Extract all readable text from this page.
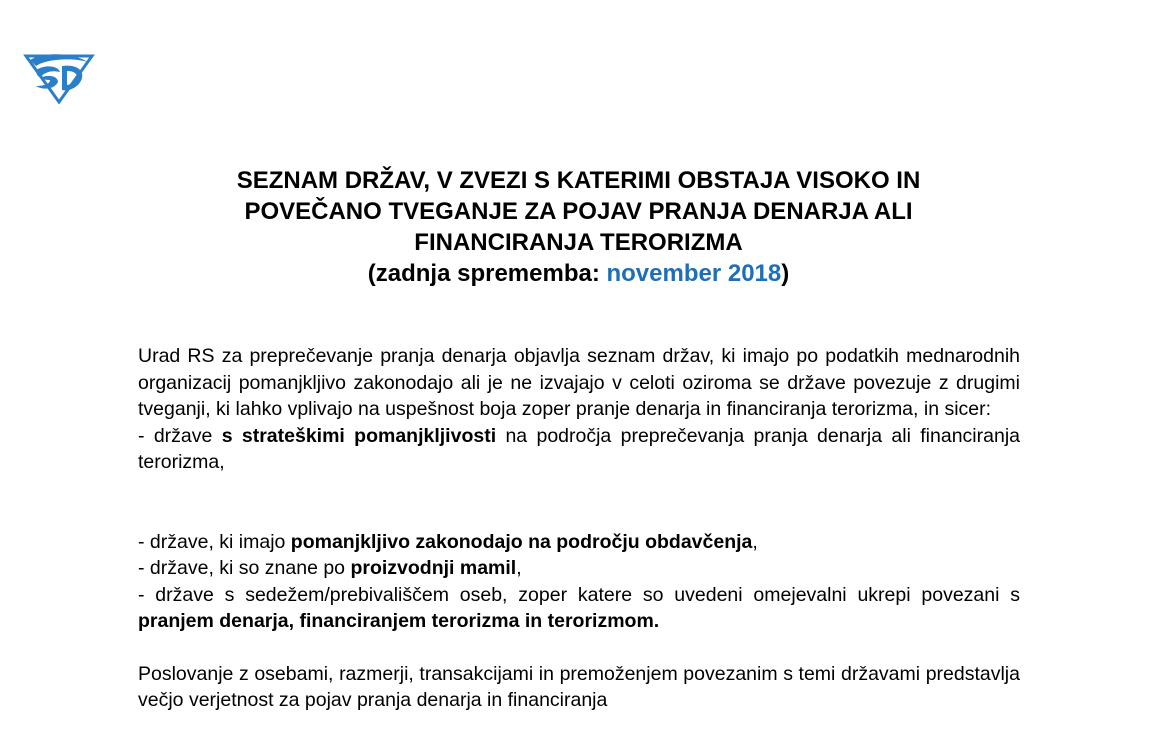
SEZNAM DRŽAV, V ZVEZI S KATERIMI OBSTAJA VISOKO IN
POVEČANO TVEGANJE ZA POJAV PRANJA DENARJA ALI
FINANCIRANJA TERORIZMA
(zadnja sprememba: november 2018)

Urad RS za preprečevanje pranja denarja objavlja seznam držav, ki imajo po podatkih mednarodnih organizacij pomanjkljivo zakonodajo ali je ne izvajajo v celoti oziroma se države povezuje z drugimi tveganji, ki lahko vplivajo na uspešnost boja zoper pranje denarja in financiranja terorizma, in sicer:

- države s strateškimi pomanjkljivosti na področja preprečevanja pranja denarja ali financiranja terorizma,

- države, ki imajo pomanjkljivo zakonodajo na področju obdavčenja,

- države, ki so znane po proizvodnji mamil,

- države s sedežem/prebivališčem oseb, zoper katere so uvedeni omejevalni ukrepi povezani s pranjem denarja, financiranjem terorizma in terorizmom.

Poslovanje z osebami, razmerji, transakcijami in premoženjem povezanim s temi državami predstavlja večjo verjetnost za pojav pranja denarja in financiranja
